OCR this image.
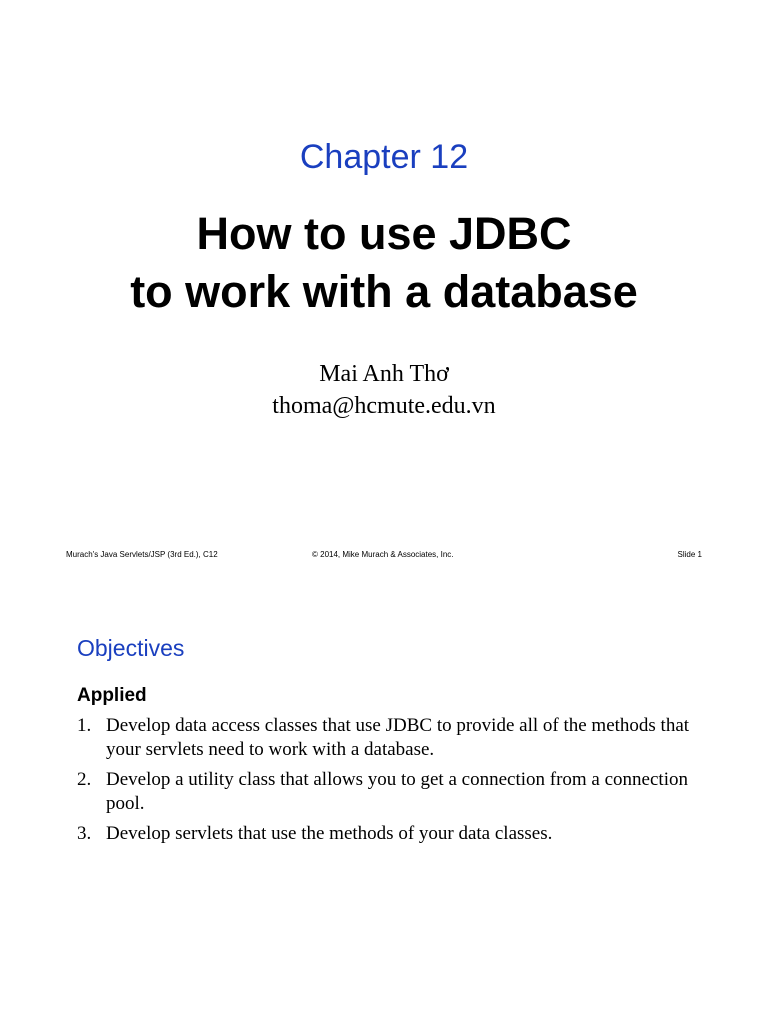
Chapter 12
How to use JDBC
to work with a database
Mai Anh Thơ
thoma@hcmute.edu.vn
Murach's Java Servlets/JSP (3rd Ed.), C12	© 2014, Mike Murach & Associates, Inc.	Slide 1
Objectives
Applied
1. Develop data access classes that use JDBC to provide all of the methods that your servlets need to work with a database.
2. Develop a utility class that allows you to get a connection from a connection pool.
3. Develop servlets that use the methods of your data classes.
